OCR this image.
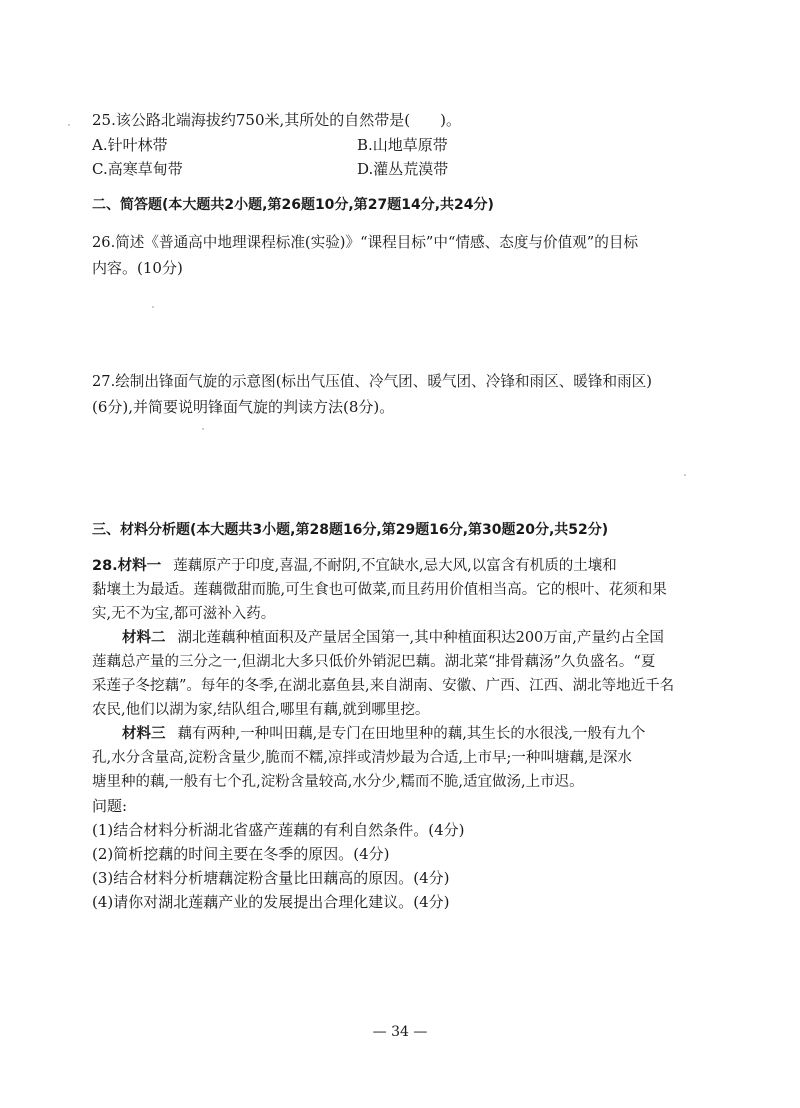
25.该公路北端海拔约750米,其所处的自然带是(　　)。
A.针叶林带	B.山地草原带
C.高寒草甸带	D.灌丛荒漠带
二、简答题(本大题共2小题,第26题10分,第27题14分,共24分)
26.简述《普通高中地理课程标准(实验)》“课程目标”中“情感、态度与价值观”的目标
内容。(10分)
27.绘制出锋面气旋的示意图(标出气压值、冷气团、暖气团、冷锋和雨区、暖锋和雨区)
(6分),并简要说明锋面气旋的判读方法(8分)。
三、材料分析题(本大题共3小题,第28题16分,第29题16分,第30题20分,共52分)
28.材料一 莲藕原产于印度,喜温,不耐阴,不宜缺水,忌大风,以富含有机质的土壤和
黏壤土为最适。莲藕微甜而脆,可生食也可做菜,而且药用价值相当高。它的根叶、花须和果
实,无不为宝,都可滋补入药。
材料二 湖北莲藕种植面积及产量居全国第一,其中种植面积达200万亩,产量约占全国
莲藕总产量的三分之一,但湖北大多只低价外销泥巴藕。湖北菜“排骨藕汤”久负盛名。“夏
采莲子冬挖藕”。每年的冬季,在湖北嘉鱼县,来自湖南、安徽、广西、江西、湖北等地近千名
农民,他们以湖为家,结队组合,哪里有藕,就到哪里挖。
材料三 藕有两种,一种叫田藕,是专门在田地里种的藕,其生长的水很浅,一般有九个
孔,水分含量高,淀粉含量少,脆而不糯,凉拌或清炒最为合适,上市早;一种叫塘藕,是深水
塘里种的藕,一般有七个孔,淀粉含量较高,水分少,糯而不脆,适宜做汤,上市迟。
问题:
(1)结合材料分析湖北省盛产莲藕的有利自然条件。(4分)
(2)简析挖藕的时间主要在冬季的原因。(4分)
(3)结合材料分析塘藕淀粉含量比田藕高的原因。(4分)
(4)请你对湖北莲藕产业的发展提出合理化建议。(4分)
— 34 —
